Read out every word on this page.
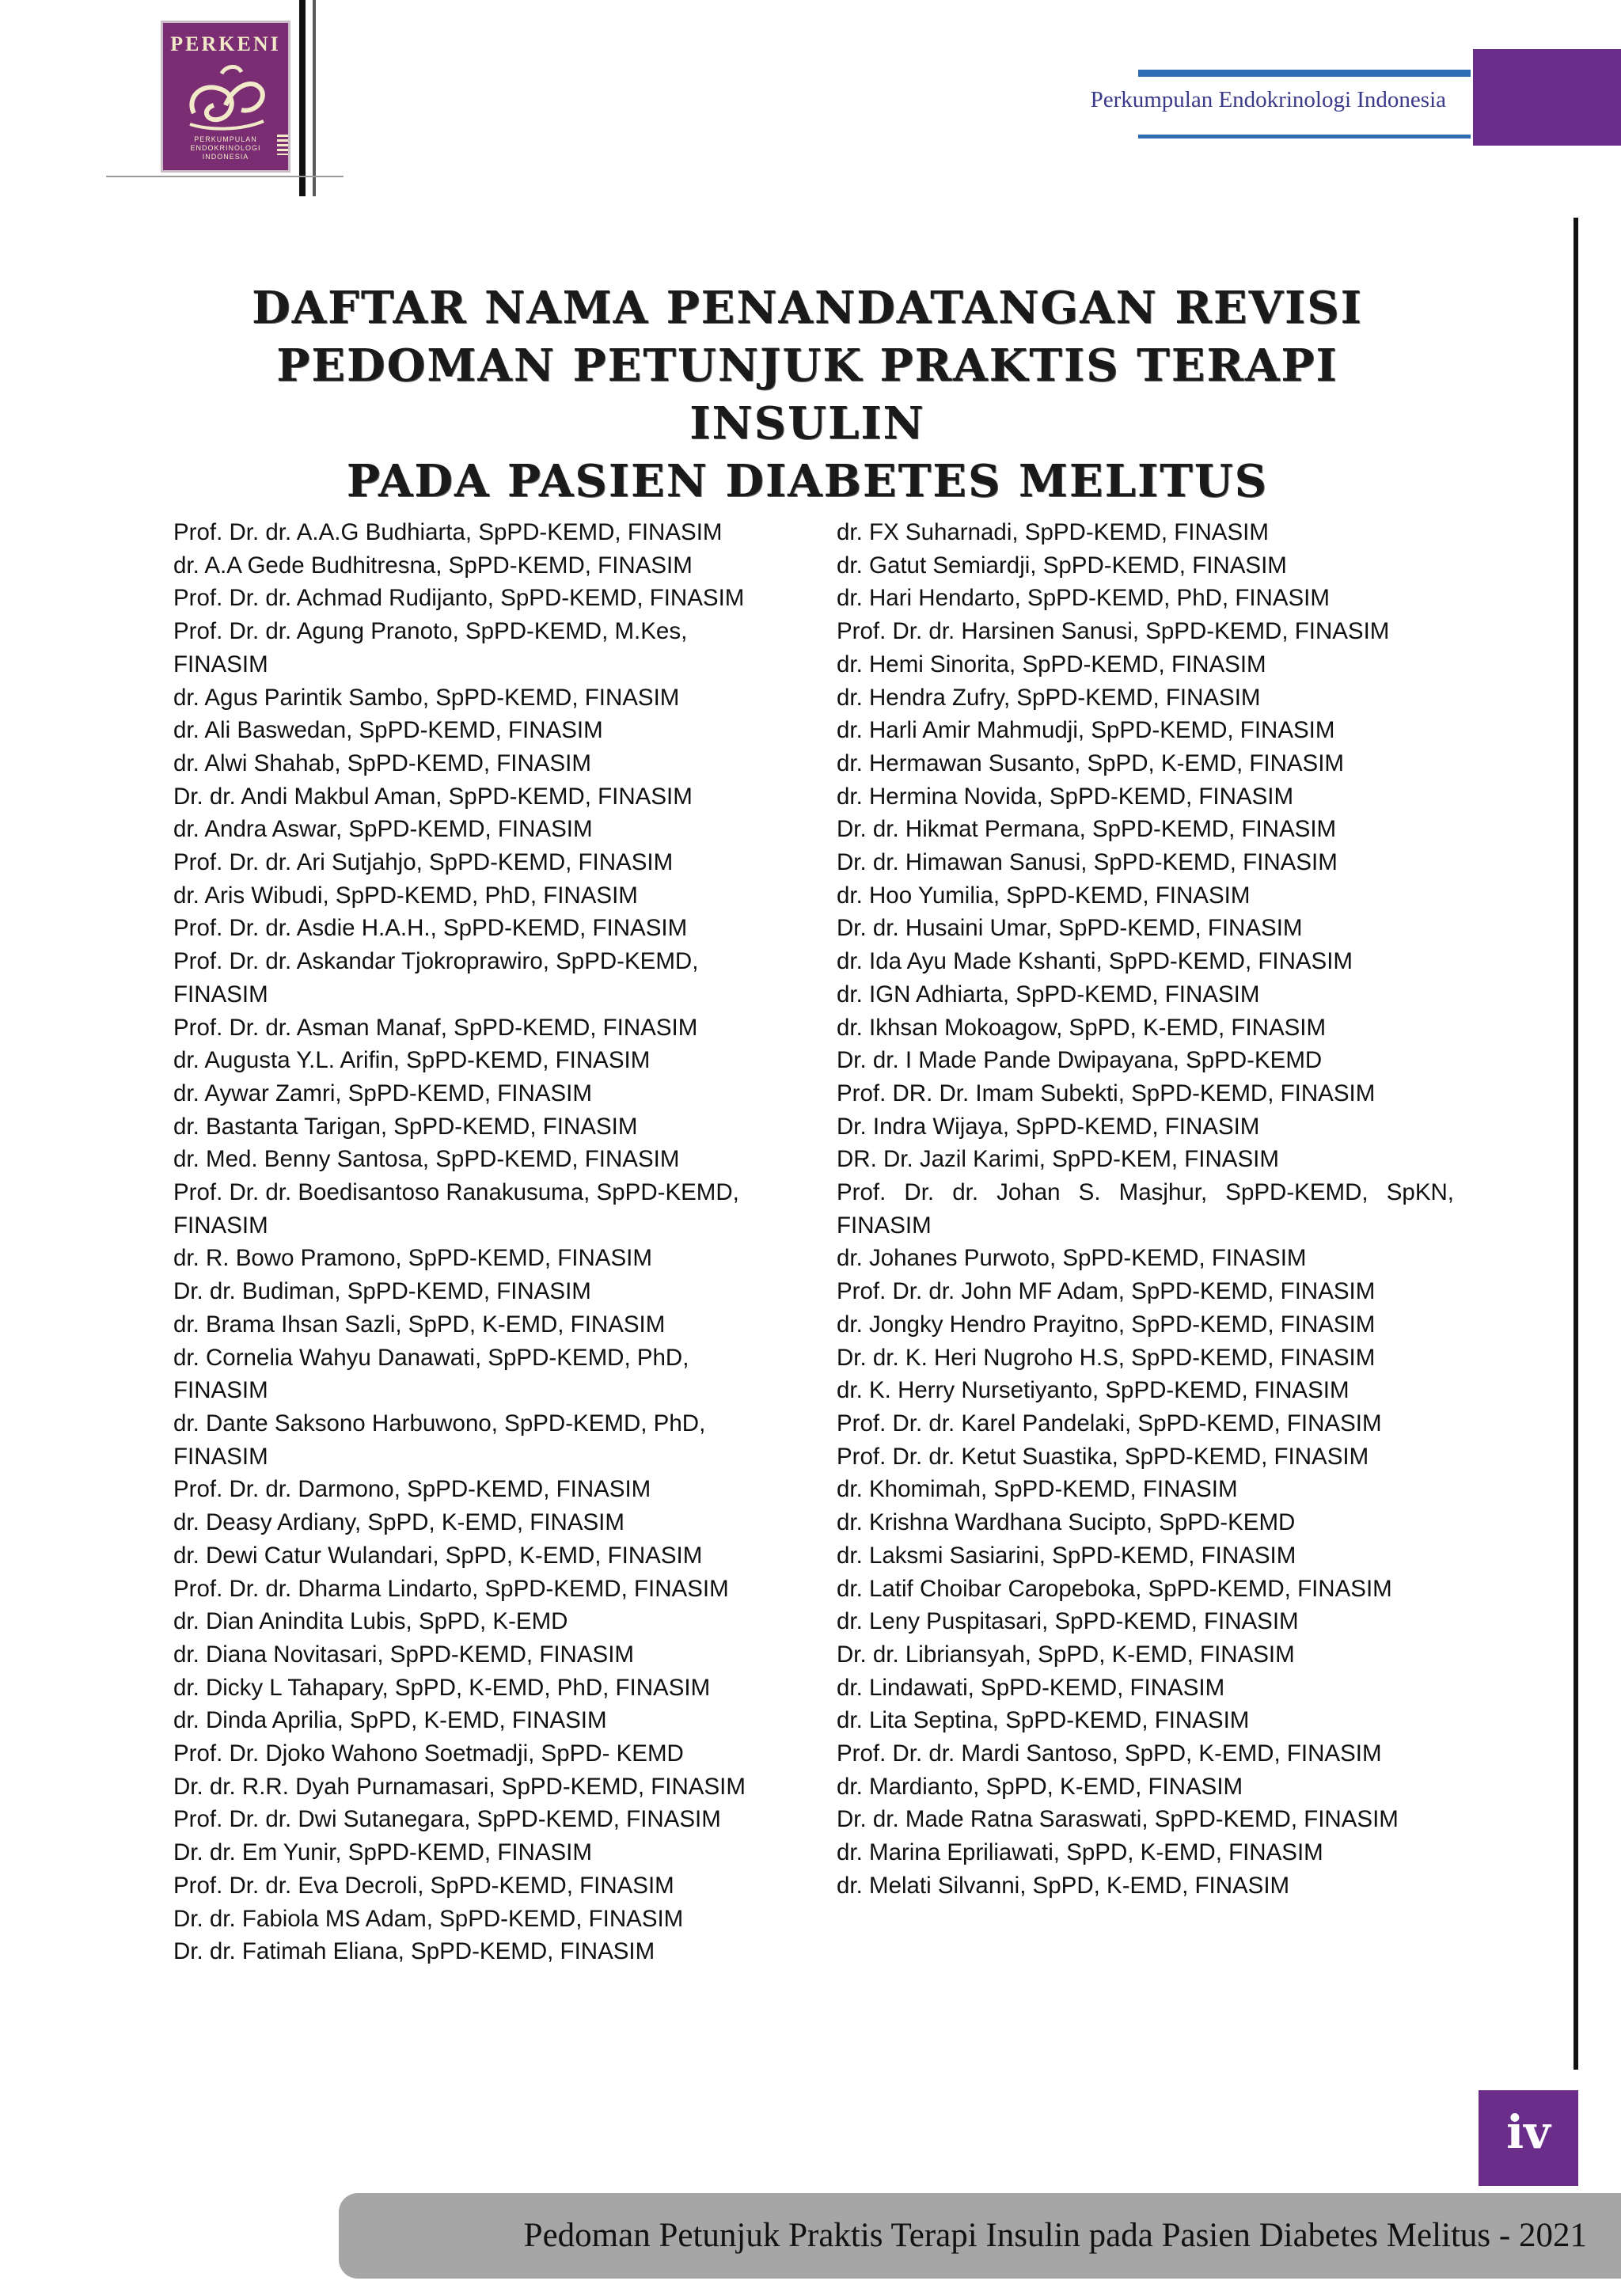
PERKENI
PERKUMPULAN
ENDOKRINOLOGI
INDONESIA
Perkumpulan Endokrinologi Indonesia
DAFTAR NAMA PENANDATANGAN REVISI
PEDOMAN PETUNJUK PRAKTIS TERAPI INSULIN
PADA PASIEN DIABETES MELITUS
Prof. Dr. dr. A.A.G Budhiarta, SpPD-KEMD, FINASIM
dr. A.A Gede Budhitresna, SpPD-KEMD, FINASIM
Prof. Dr. dr. Achmad Rudijanto, SpPD-KEMD, FINASIM
Prof. Dr. dr. Agung Pranoto, SpPD-KEMD, M.Kes, FINASIM
dr. Agus Parintik Sambo, SpPD-KEMD, FINASIM
dr. Ali Baswedan, SpPD-KEMD, FINASIM
dr. Alwi Shahab, SpPD-KEMD, FINASIM
Dr. dr. Andi Makbul Aman, SpPD-KEMD, FINASIM
dr. Andra Aswar, SpPD-KEMD, FINASIM
Prof. Dr. dr. Ari Sutjahjo, SpPD-KEMD, FINASIM
dr. Aris Wibudi, SpPD-KEMD, PhD, FINASIM
Prof. Dr. dr. Asdie H.A.H., SpPD-KEMD, FINASIM
Prof. Dr. dr. Askandar Tjokroprawiro, SpPD-KEMD, FINASIM
Prof. Dr. dr. Asman Manaf, SpPD-KEMD, FINASIM
dr. Augusta Y.L. Arifin, SpPD-KEMD, FINASIM
dr. Aywar Zamri, SpPD-KEMD, FINASIM
dr. Bastanta Tarigan, SpPD-KEMD, FINASIM
dr. Med. Benny Santosa, SpPD-KEMD, FINASIM
Prof. Dr. dr. Boedisantoso Ranakusuma, SpPD-KEMD, FINASIM
dr. R. Bowo Pramono, SpPD-KEMD, FINASIM
Dr. dr. Budiman, SpPD-KEMD, FINASIM
dr. Brama Ihsan Sazli, SpPD, K-EMD, FINASIM
dr. Cornelia Wahyu Danawati, SpPD-KEMD, PhD, FINASIM
dr. Dante Saksono Harbuwono, SpPD-KEMD, PhD, FINASIM
Prof. Dr. dr. Darmono, SpPD-KEMD, FINASIM
dr. Deasy Ardiany, SpPD, K-EMD, FINASIM
dr. Dewi Catur Wulandari, SpPD, K-EMD, FINASIM
Prof. Dr. dr. Dharma Lindarto, SpPD-KEMD, FINASIM
dr. Dian Anindita Lubis, SpPD, K-EMD
dr. Diana Novitasari, SpPD-KEMD, FINASIM
dr. Dicky L Tahapary, SpPD, K-EMD, PhD, FINASIM
dr. Dinda Aprilia, SpPD, K-EMD, FINASIM
Prof. Dr. Djoko Wahono Soetmadji, SpPD- KEMD
Dr. dr. R.R. Dyah Purnamasari, SpPD-KEMD, FINASIM
Prof. Dr. dr. Dwi Sutanegara, SpPD-KEMD, FINASIM
Dr. dr. Em Yunir, SpPD-KEMD, FINASIM
Prof. Dr. dr. Eva Decroli, SpPD-KEMD, FINASIM
Dr. dr. Fabiola MS Adam, SpPD-KEMD, FINASIM
Dr. dr. Fatimah Eliana, SpPD-KEMD, FINASIM
dr. FX Suharnadi, SpPD-KEMD, FINASIM
dr. Gatut Semiardji, SpPD-KEMD, FINASIM
dr. Hari Hendarto, SpPD-KEMD, PhD, FINASIM
Prof. Dr. dr. Harsinen Sanusi, SpPD-KEMD, FINASIM
dr. Hemi Sinorita, SpPD-KEMD, FINASIM
dr. Hendra Zufry, SpPD-KEMD, FINASIM
dr. Harli Amir Mahmudji, SpPD-KEMD, FINASIM
dr. Hermawan Susanto, SpPD, K-EMD, FINASIM
dr. Hermina Novida, SpPD-KEMD, FINASIM
Dr. dr. Hikmat Permana, SpPD-KEMD, FINASIM
Dr. dr. Himawan Sanusi, SpPD-KEMD, FINASIM
dr. Hoo Yumilia, SpPD-KEMD, FINASIM
Dr. dr. Husaini Umar, SpPD-KEMD, FINASIM
dr. Ida Ayu Made Kshanti, SpPD-KEMD, FINASIM
dr. IGN Adhiarta, SpPD-KEMD, FINASIM
dr. Ikhsan Mokoagow, SpPD, K-EMD, FINASIM
Dr. dr. I Made Pande Dwipayana, SpPD-KEMD
Prof. DR. Dr. Imam Subekti, SpPD-KEMD, FINASIM
Dr. Indra Wijaya, SpPD-KEMD, FINASIM
DR. Dr. Jazil Karimi, SpPD-KEM, FINASIM
Prof. Dr. dr. Johan S. Masjhur, SpPD-KEMD, SpKN, FINASIM
dr. Johanes Purwoto, SpPD-KEMD, FINASIM
Prof. Dr. dr. John MF Adam, SpPD-KEMD, FINASIM
dr. Jongky Hendro Prayitno, SpPD-KEMD, FINASIM
Dr. dr. K. Heri Nugroho H.S, SpPD-KEMD, FINASIM
dr. K. Herry Nursetiyanto, SpPD-KEMD, FINASIM
Prof. Dr. dr. Karel Pandelaki, SpPD-KEMD, FINASIM
Prof. Dr. dr. Ketut Suastika, SpPD-KEMD, FINASIM
dr. Khomimah, SpPD-KEMD, FINASIM
dr. Krishna Wardhana Sucipto, SpPD-KEMD
dr. Laksmi Sasiarini, SpPD-KEMD, FINASIM
dr. Latif Choibar Caropeboka, SpPD-KEMD, FINASIM
dr. Leny Puspitasari, SpPD-KEMD, FINASIM
Dr. dr. Libriansyah, SpPD, K-EMD, FINASIM
dr. Lindawati, SpPD-KEMD, FINASIM
dr. Lita Septina, SpPD-KEMD, FINASIM
Prof. Dr. dr. Mardi Santoso, SpPD, K-EMD, FINASIM
dr. Mardianto, SpPD, K-EMD, FINASIM
Dr. dr. Made Ratna Saraswati, SpPD-KEMD, FINASIM
dr. Marina Epriliawati, SpPD, K-EMD, FINASIM
dr. Melati Silvanni, SpPD, K-EMD, FINASIM
iv
Pedoman Petunjuk Praktis Terapi Insulin pada Pasien Diabetes Melitus - 2021
